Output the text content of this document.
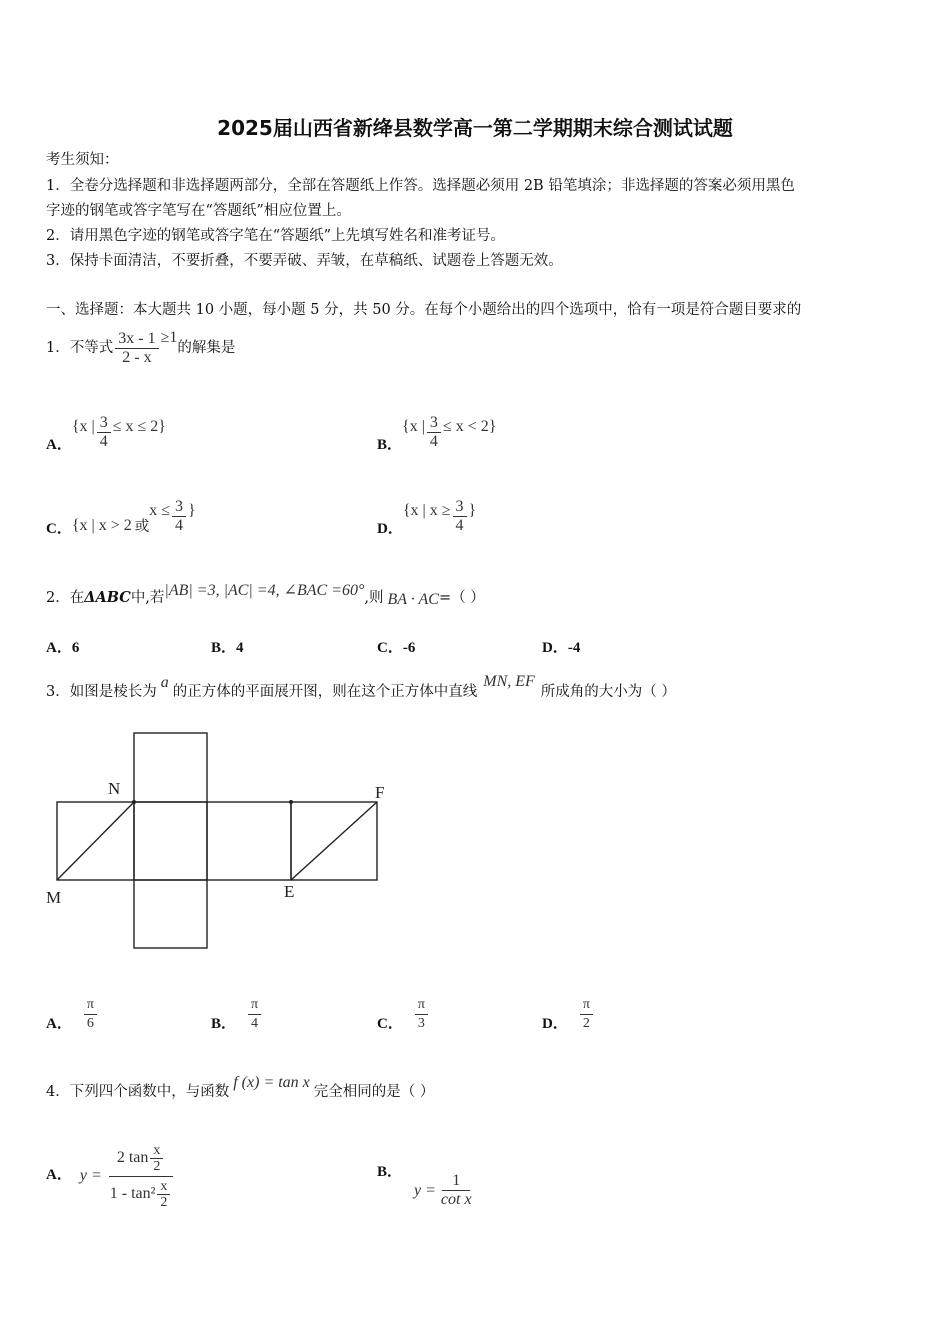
2025届山西省新绛县数学高一第二学期期末综合测试试题
考生须知：
1．全卷分选择题和非选择题两部分，全部在答题纸上作答。选择题必须用 2B 铅笔填涂；非选择题的答案必须用黑色
字迹的钢笔或答字笔写在“答题纸”相应位置上。
2．请用黑色字迹的钢笔或答字笔在“答题纸”上先填写姓名和准考证号。
3．保持卡面清洁，不要折叠，不要弄破、弄皱，在草稿纸、试题卷上答题无效。
一、选择题：本大题共 10 小题，每小题 5 分，共 50 分。在每个小题给出的四个选项中，恰有一项是符合题目要求的
1． 不等式 $\frac{3x - 1}{2 - x} \ge 1$
的解集是
A．
{x | $\frac{3}{4} \le x \le 2$}
B．
{x | $\frac{3}{4} \le x < 2$}
C． {x | x > 2 或
$x \le \frac{3}{4}$ }
D．
{x | $x \ge \frac{3}{4}$ }
2． 在 ΔABC 中,若 |AB| =3, |AC| =4, ∠BAC =60° ,则 BA · AC =（ ）
A．6	B．4	C．-6	D．-4
3． 如图是棱长为
a
的正方体的平面展开图，则在这个正方体中直线
MN, EF
所成角的大小为（ ）
N	F
M	E
A． $\frac{\pi}{6}$	B． $\frac{\pi}{4}$	C． $\frac{\pi}{3}$	D． $\frac{\pi}{2}$
4． 下列四个函数中，与函数
f (x) = tan x
完全相同的是（ ）
A． $y = \frac{2 \tan \frac{x}{2}}{1 - \tan^2 \frac{x}{2}}$	B．
$y = \frac{1}{\text{cot x}}$
